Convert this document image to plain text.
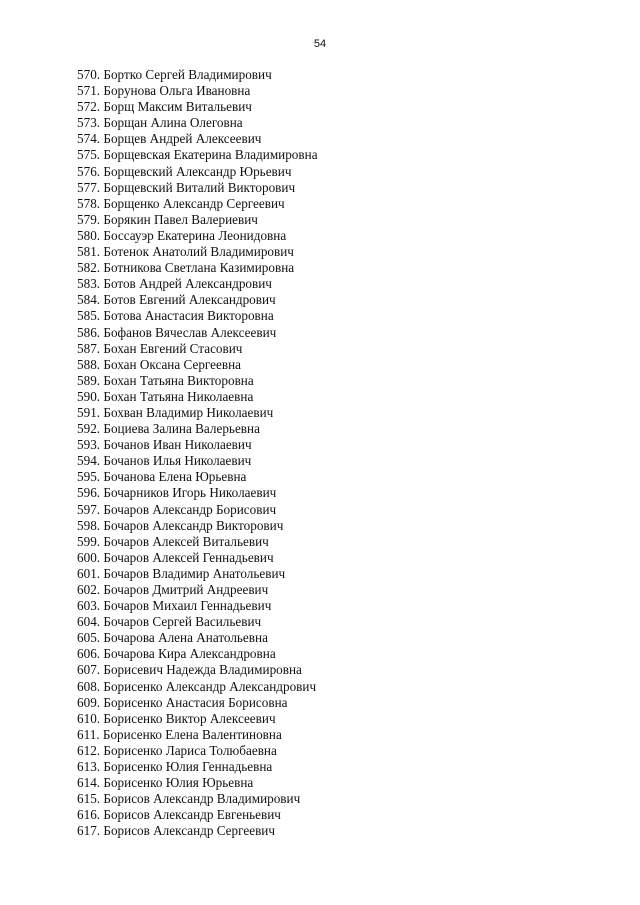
54
570. Бортко Сергей Владимирович
571. Борунова Ольга Ивановна
572. Борщ Максим Витальевич
573. Борщан Алина Олеговна
574. Борщев Андрей Алексеевич
575. Борщевская Екатерина Владимировна
576. Борщевский Александр Юрьевич
577. Борщевский Виталий Викторович
578. Борщенко Александр Сергеевич
579. Борякин Павел Валериевич
580. Боссауэр Екатерина Леонидовна
581. Ботенок Анатолий Владимирович
582. Ботникова Светлана Казимировна
583. Ботов Андрей Александрович
584. Ботов Евгений Александрович
585. Ботова Анастасия Викторовна
586. Бофанов Вячеслав Алексеевич
587. Бохан Евгений Стасович
588. Бохан Оксана Сергеевна
589. Бохан Татьяна Викторовна
590. Бохан Татьяна Николаевна
591. Бохван Владимир Николаевич
592. Боциева Залина Валерьевна
593. Бочанов Иван Николаевич
594. Бочанов Илья Николаевич
595. Бочанова Елена Юрьевна
596. Бочарников Игорь Николаевич
597. Бочаров Александр Борисович
598. Бочаров Александр Викторович
599. Бочаров Алексей Витальевич
600. Бочаров Алексей Геннадьевич
601. Бочаров Владимир Анатольевич
602. Бочаров Дмитрий Андреевич
603. Бочаров Михаил Геннадьевич
604. Бочаров Сергей Васильевич
605. Бочарова Алена Анатольевна
606. Бочарова Кира Александровна
607. Борисевич Надежда Владимировна
608. Борисенко Александр Александрович
609. Борисенко Анастасия Борисовна
610. Борисенко Виктор Алексеевич
611. Борисенко Елена Валентиновна
612. Борисенко Лариса Толюбаевна
613. Борисенко Юлия Геннадьевна
614. Борисенко Юлия Юрьевна
615. Борисов Александр Владимирович
616. Борисов Александр Евгеньевич
617. Борисов Александр Сергеевич
